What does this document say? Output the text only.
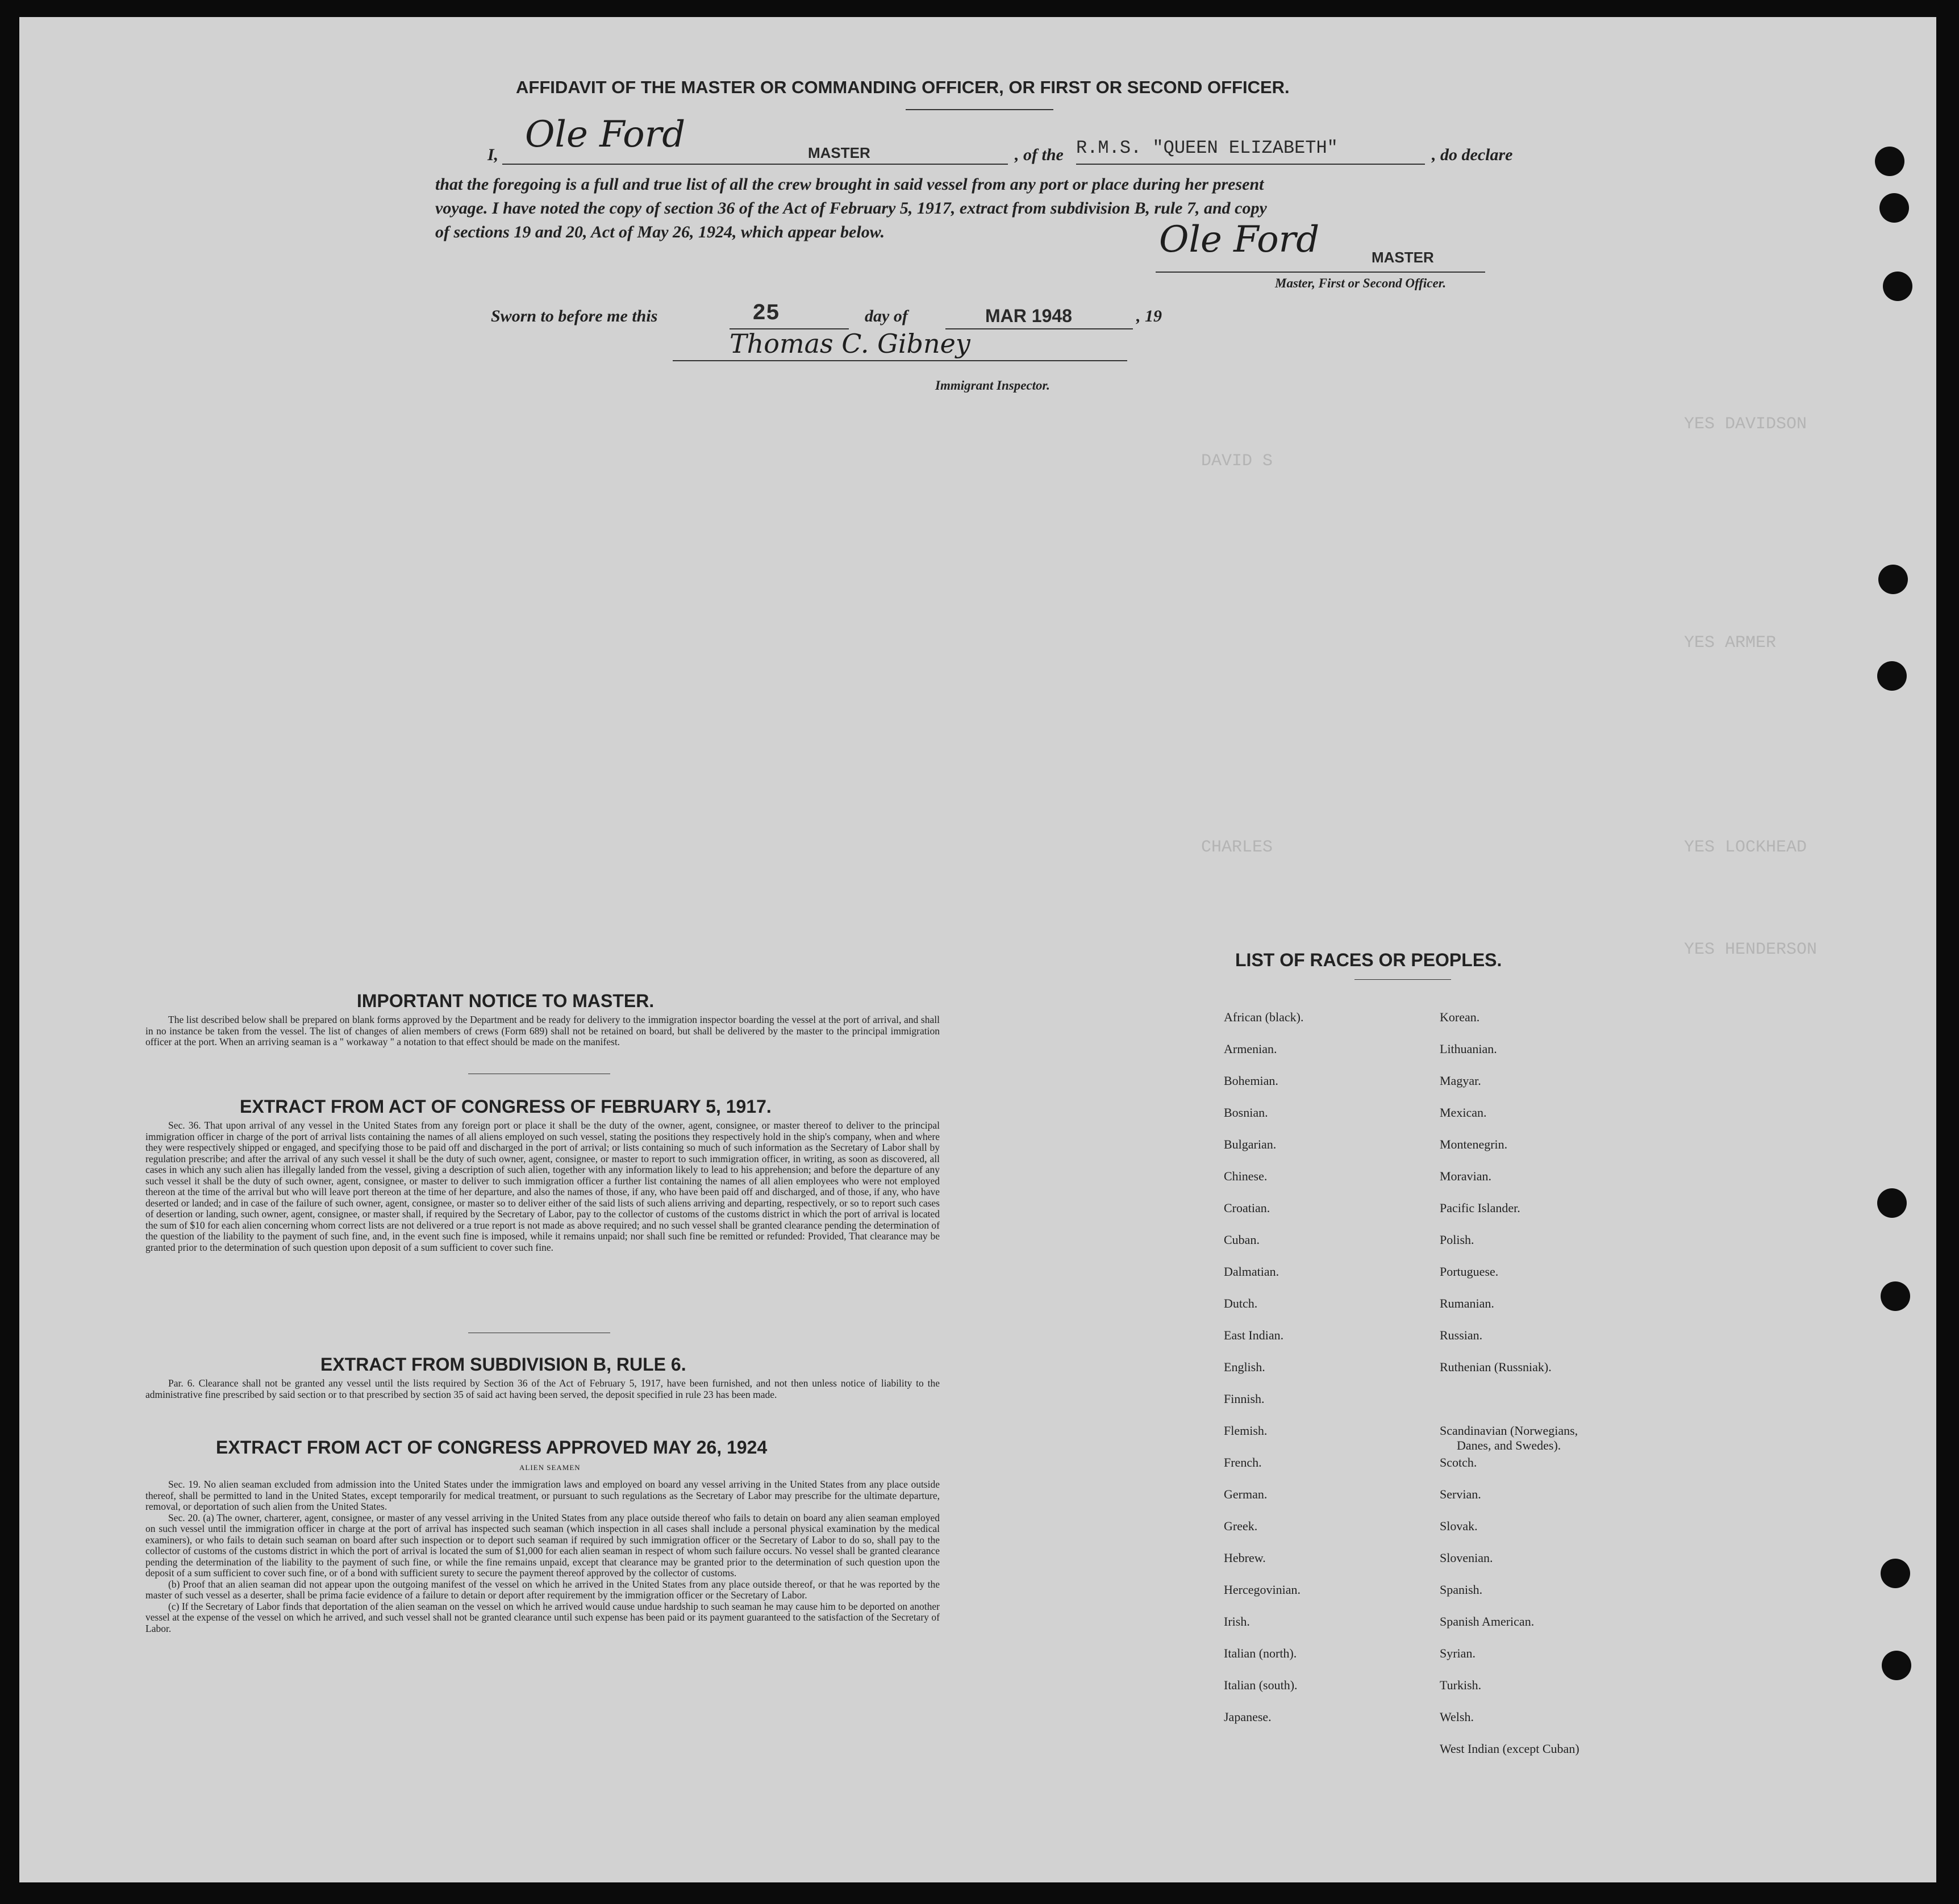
YES DAVIDSON
DAVID S
YES ARMER
YES LOCKHEAD
CHARLES
YES HENDERSON
AFFIDAVIT OF THE MASTER OR COMMANDING OFFICER, OR FIRST OR SECOND OFFICER.
I, Ole Ford	MASTER	, of the R.M.S. "QUEEN ELIZABETH"	, do declare
that the foregoing is a full and true list of all the crew brought in said vessel from any port or place during her present
voyage. I have noted the copy of section 36 of the Act of February 5, 1917, extract from subdivision B, rule 7, and copy
of sections 19 and 20, Act of May 26, 1924, which appear below.	Ole Ford	MASTER
Master, First or Second Officer.
Sworn to before me this	25	day of	MAR 1948	, 19
Thomas C. Gibney
Immigrant Inspector.
IMPORTANT NOTICE TO MASTER.

The list described below shall be prepared on blank forms approved by the Department and be ready for delivery to the immigration inspector boarding the vessel at the port of arrival, and shall in no instance be taken from the vessel. The list of changes of alien members of crews (Form 689) shall not be retained on board, but shall be delivered by the master to the principal immigration officer at the port. When an arriving seaman is a " workaway " a notation to that effect should be made on the manifest.

EXTRACT FROM ACT OF CONGRESS OF FEBRUARY 5, 1917.

Sec. 36. That upon arrival of any vessel in the United States from any foreign port or place it shall be the duty of the owner, agent, consignee, or master thereof to deliver to the principal immigration officer in charge of the port of arrival lists containing the names of all aliens employed on such vessel, stating the positions they respectively hold in the ship's company, when and where they were respectively shipped or engaged, and specifying those to be paid off and discharged in the port of arrival; or lists containing so much of such information as the Secretary of Labor shall by regulation prescribe; and after the arrival of any such vessel it shall be the duty of such owner, agent, consignee, or master to report to such immigration officer, in writing, as soon as discovered, all cases in which any such alien has illegally landed from the vessel, giving a description of such alien, together with any information likely to lead to his apprehension; and before the departure of any such vessel it shall be the duty of such owner, agent, consignee, or master to deliver to such immigration officer a further list containing the names of all alien employees who were not employed thereon at the time of the arrival but who will leave port thereon at the time of her departure, and also the names of those, if any, who have been paid off and discharged, and of those, if any, who have deserted or landed; and in case of the failure of such owner, agent, consignee, or master so to deliver either of the said lists of such aliens arriving and departing, respectively, or so to report such cases of desertion or landing, such owner, agent, consignee, or master shall, if required by the Secretary of Labor, pay to the collector of customs of the customs district in which the port of arrival is located the sum of $10 for each alien concerning whom correct lists are not delivered or a true report is not made as above required; and no such vessel shall be granted clearance pending the determination of the question of the liability to the payment of such fine, and, in the event such fine is imposed, while it remains unpaid; nor shall such fine be remitted or refunded: Provided, That clearance may be granted prior to the determination of such question upon deposit of a sum sufficient to cover such fine.

EXTRACT FROM SUBDIVISION B, RULE 6.

Par. 6. Clearance shall not be granted any vessel until the lists required by Section 36 of the Act of February 5, 1917, have been furnished, and not then unless notice of liability to the administrative fine prescribed by said section or to that prescribed by section 35 of said act having been served, the deposit specified in rule 23 has been made.

EXTRACT FROM ACT OF CONGRESS APPROVED MAY 26, 1924
ALIEN SEAMEN

Sec. 19. No alien seaman excluded from admission into the United States under the immigration laws and employed on board any vessel arriving in the United States from any place outside thereof, shall be permitted to land in the United States, except temporarily for medical treatment, or pursuant to such regulations as the Secretary of Labor may prescribe for the ultimate departure, removal, or deportation of such alien from the United States.

Sec. 20. (a) The owner, charterer, agent, consignee, or master of any vessel arriving in the United States from any place outside thereof who fails to detain on board any alien seaman employed on such vessel until the immigration officer in charge at the port of arrival has inspected such seaman (which inspection in all cases shall include a personal physical examination by the medical examiners), or who fails to detain such seaman on board after such inspection or to deport such seaman if required by such immigration officer or the Secretary of Labor to do so, shall pay to the collector of customs of the customs district in which the port of arrival is located the sum of $1,000 for each alien seaman in respect of whom such failure occurs. No vessel shall be granted clearance pending the determination of the liability to the payment of such fine, or while the fine remains unpaid, except that clearance may be granted prior to the determination of such question upon the deposit of a sum sufficient to cover such fine, or of a bond with sufficient surety to secure the payment thereof approved by the collector of customs.

(b) Proof that an alien seaman did not appear upon the outgoing manifest of the vessel on which he arrived in the United States from any place outside thereof, or that he was reported by the master of such vessel as a deserter, shall be prima facie evidence of a failure to detain or deport after requirement by the immigration officer or the Secretary of Labor.

(c) If the Secretary of Labor finds that deportation of the alien seaman on the vessel on which he arrived would cause undue hardship to such seaman he may cause him to be deported on another vessel at the expense of the vessel on which he arrived, and such vessel shall not be granted clearance until such expense has been paid or its payment guaranteed to the satisfaction of the Secretary of Labor.

LIST OF RACES OR PEOPLES.
African (black).
Armenian.
Bohemian.
Bosnian.
Bulgarian.
Chinese.
Croatian.
Cuban.
Dalmatian.
Dutch.
East Indian.
English.
Finnish.
Flemish.
French.
German.
Greek.
Hebrew.
Hercegovinian.
Irish.
Italian (north).
Italian (south).
Japanese.
Korean.
Lithuanian.
Magyar.
Mexican.
Montenegrin.
Moravian.
Pacific Islander.
Polish.
Portuguese.
Rumanian.
Russian.
Ruthenian (Russniak).
Scandinavian (Norwegians,
Danes, and Swedes).
Scotch.
Servian.
Slovak.
Slovenian.
Spanish.
Spanish American.
Syrian.
Turkish.
Welsh.
West Indian (except Cuban)
